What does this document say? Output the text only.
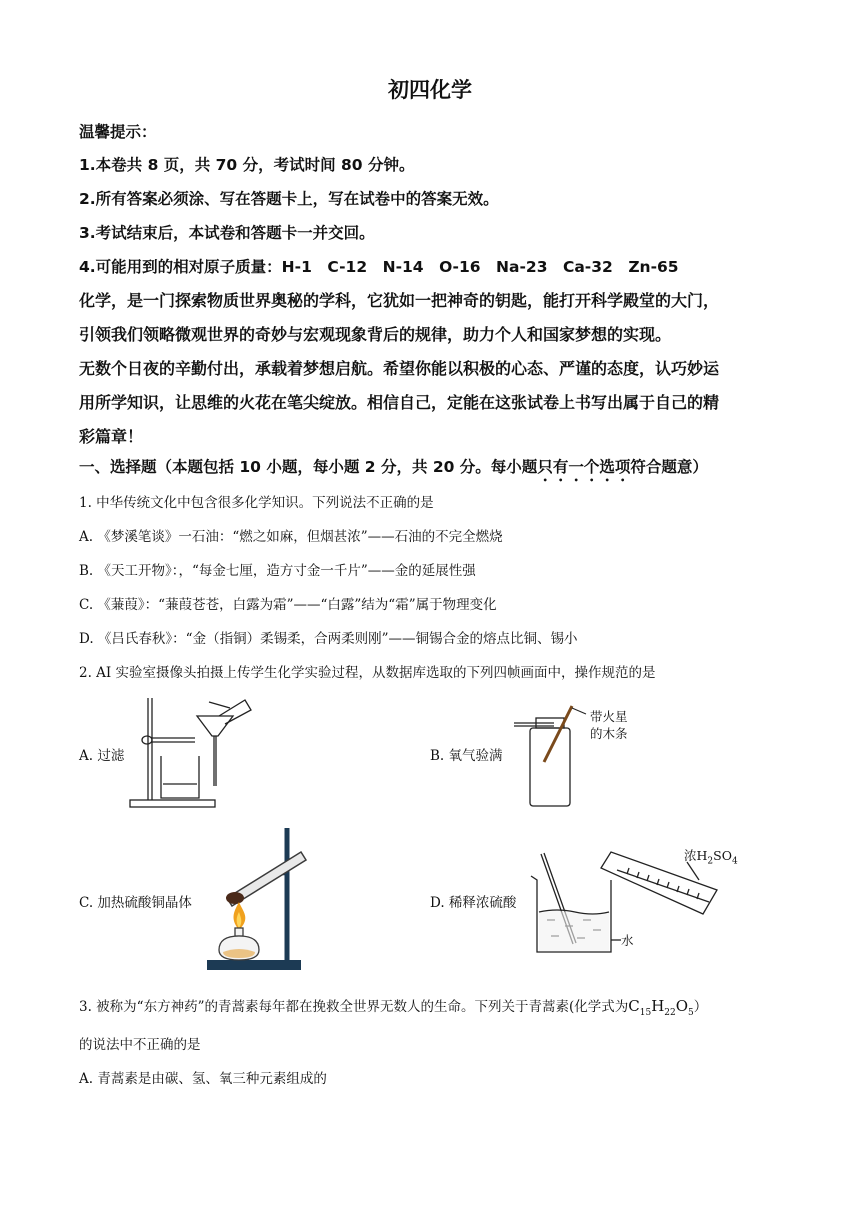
初四化学
温馨提示：
1.本卷共 8 页，共 70 分，考试时间 80 分钟。
2.所有答案必须涂、写在答题卡上，写在试卷中的答案无效。
3.考试结束后，本试卷和答题卡一并交回。
4.可能用到的相对原子质量：H-1　C-12　N-14　O-16　Na-23　Ca-32　Zn-65
化学，是一门探索物质世界奥秘的学科，它犹如一把神奇的钥匙，能打开科学殿堂的大门，
引领我们领略微观世界的奇妙与宏观现象背后的规律，助力个人和国家梦想的实现。
无数个日夜的辛勤付出，承载着梦想启航。希望你能以积极的心态、严谨的态度，认巧妙运
用所学知识，让思维的火花在笔尖绽放。相信自己，定能在这张试卷上书写出属于自己的精
彩篇章！
一、选择题（本题包括 10 小题，每小题 2 分，共 20 分。每小题只有一个选项符合题意）
1. 中华传统文化中包含很多化学知识。下列说法不正确的是
A. 《梦溪笔谈》一石油：“燃之如麻，但烟甚浓”——石油的不完全燃烧
B. 《天工开物》：，“每金七厘，造方寸金一千片”——金的延展性强
C. 《蒹葭》：“蒹葭苍苍，白露为霜”——“白露”结为“霜”属于物理变化
D. 《吕氏春秋》：“金（指铜）柔锡柔，合两柔则刚”——铜锡合金的熔点比铜、锡小
2. AI 实验室摄像头拍摄上传学生化学实验过程，从数据库选取的下列四帧画面中，操作规范的是
A. 过滤	B. 氧气验满
C. 加热硫酸铜晶体	D. 稀释浓硫酸
带火星
的木条
浓$H_2SO_4$
水
3. 被称为“东方神药”的青蒿素每年都在挽救全世界无数人的生命。下列关于青蒿素(化学式为$C_{15}H_{22}O_5$）
的说法中不正确的是
A. 青蒿素是由碳、氢、氧三种元素组成的
